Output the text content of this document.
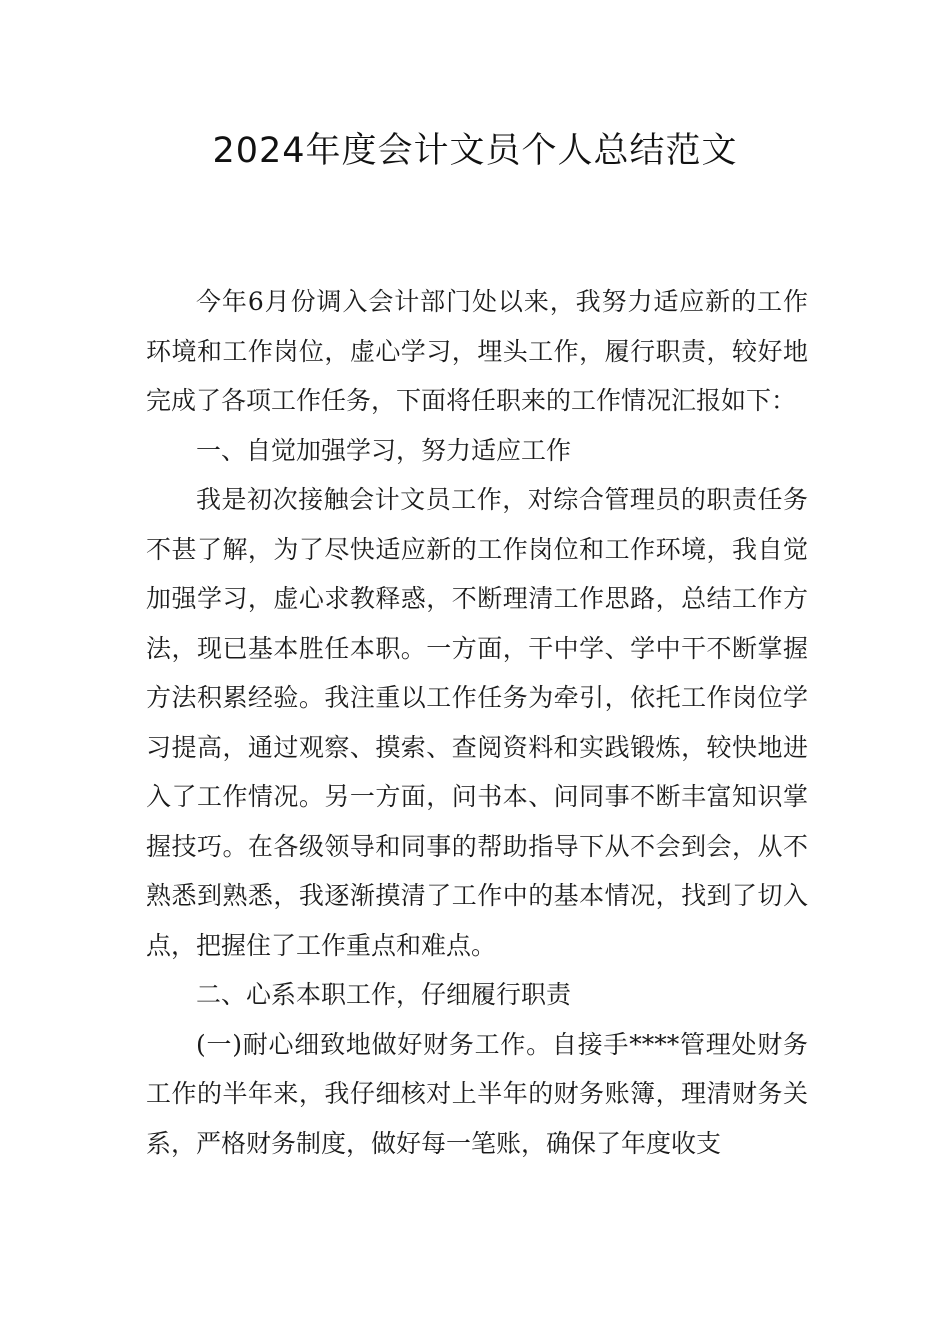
2024年度会计文员个人总结范文

今年6月份调入会计部门处以来，我努力适应新的工作环境和工作岗位，虚心学习，埋头工作，履行职责，较好地完成了各项工作任务，下面将任职来的工作情况汇报如下：

一、自觉加强学习，努力适应工作

我是初次接触会计文员工作，对综合管理员的职责任务不甚了解，为了尽快适应新的工作岗位和工作环境，我自觉加强学习，虚心求教释惑，不断理清工作思路，总结工作方法，现已基本胜任本职。一方面，干中学、学中干不断掌握方法积累经验。我注重以工作任务为牵引，依托工作岗位学习提高，通过观察、摸索、查阅资料和实践锻炼，较快地进入了工作情况。另一方面，问书本、问同事不断丰富知识掌握技巧。在各级领导和同事的帮助指导下从不会到会，从不熟悉到熟悉，我逐渐摸清了工作中的基本情况，找到了切入点，把握住了工作重点和难点。

二、心系本职工作，仔细履行职责

(一)耐心细致地做好财务工作。自接手****管理处财务工作的半年来，我仔细核对上半年的财务账簿，理清财务关系，严格财务制度，做好每一笔账，确保了年度收支
